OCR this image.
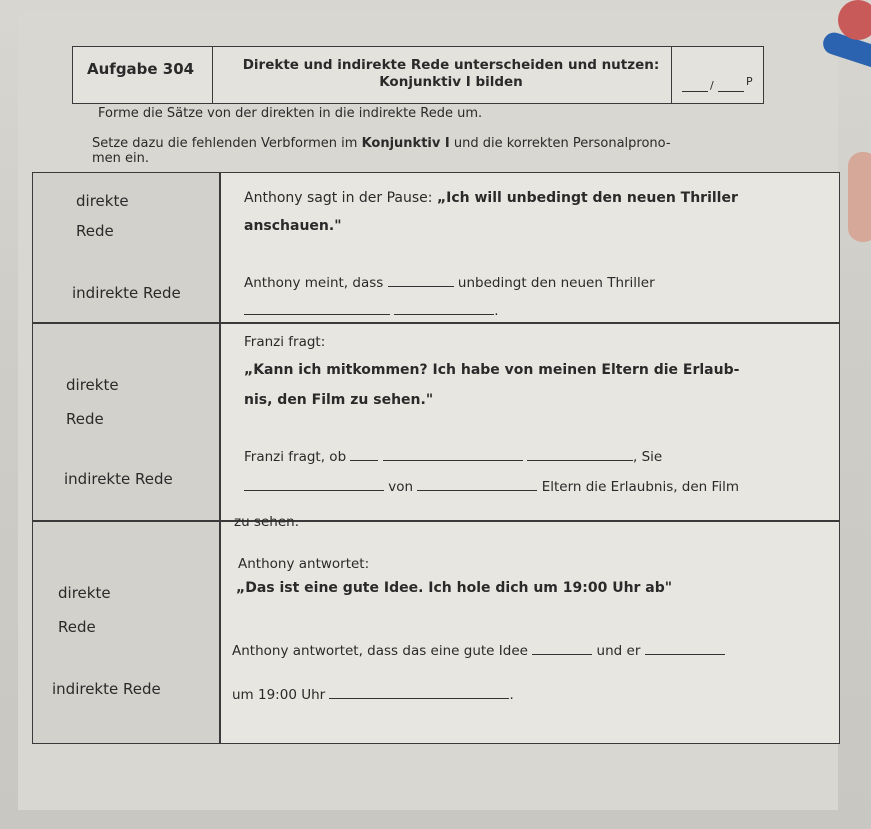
Aufgabe 304	Direkte und indirekte Rede unterscheiden und nutzen:
Konjunktiv I bilden	/	P
Forme die Sätze von der direkten in die indirekte Rede um.
Setze dazu die fehlenden Verbformen im Konjunktiv I und die korrekten Personalprono-
men ein.
direkte
Rede
indirekte Rede
Anthony sagt in der Pause: „Ich will unbedingt den neuen Thriller
anschauen."
Anthony meint, dass	unbedingt den neuen Thriller
.
direkte
Rede
indirekte Rede
Franzi fragt:
„Kann ich mitkommen? Ich habe von meinen Eltern die Erlaub-
nis, den Film zu sehen."
Franzi fragt, ob	, Sie
von	Eltern die Erlaubnis, den Film
zu sehen.
direkte
Rede
indirekte Rede
Anthony antwortet:
„Das ist eine gute Idee. Ich hole dich um 19:00 Uhr ab"
Anthony antwortet, dass das eine gute Idee	und er
um 19:00 Uhr	.
